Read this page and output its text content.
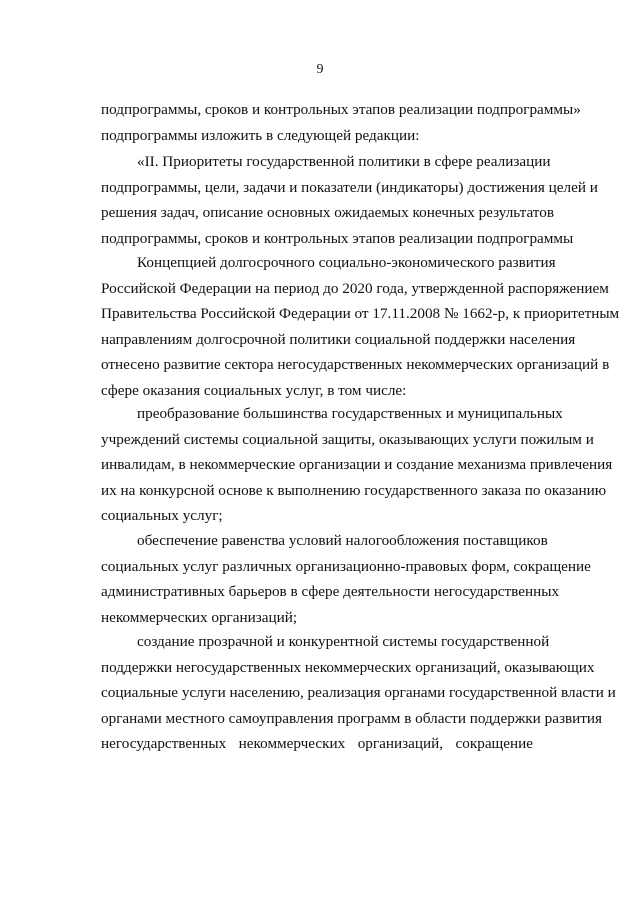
9
подпрограммы, сроков и контрольных этапов реализации подпрограммы»
подпрограммы изложить в следующей редакции:
«II. Приоритеты государственной политики в сфере реализации
подпрограммы, цели, задачи и показатели (индикаторы) достижения целей и
решения задач, описание основных ожидаемых конечных результатов
подпрограммы, сроков и контрольных этапов реализации подпрограммы
Концепцией долгосрочного социально-экономического развития
Российской Федерации на период до 2020 года, утвержденной распоряжением
Правительства Российской Федерации от 17.11.2008 № 1662-р, к приоритетным
направлениям долгосрочной политики социальной поддержки населения
отнесено развитие сектора негосударственных некоммерческих организаций в
сфере оказания социальных услуг, в том числе:
преобразование большинства государственных и муниципальных
учреждений системы социальной защиты, оказывающих услуги пожилым и
инвалидам, в некоммерческие организации и создание механизма привлечения
их на конкурсной основе к выполнению государственного заказа по оказанию
социальных услуг;
обеспечение равенства условий налогообложения поставщиков
социальных услуг различных организационно-правовых форм, сокращение
административных барьеров в сфере деятельности негосударственных
некоммерческих организаций;
создание прозрачной и конкурентной системы государственной
поддержки негосударственных некоммерческих организаций, оказывающих
социальные услуги населению, реализация органами государственной власти и
органами местного самоуправления программ в области поддержки развития
негосударственных некоммерческих организаций, сокращение
